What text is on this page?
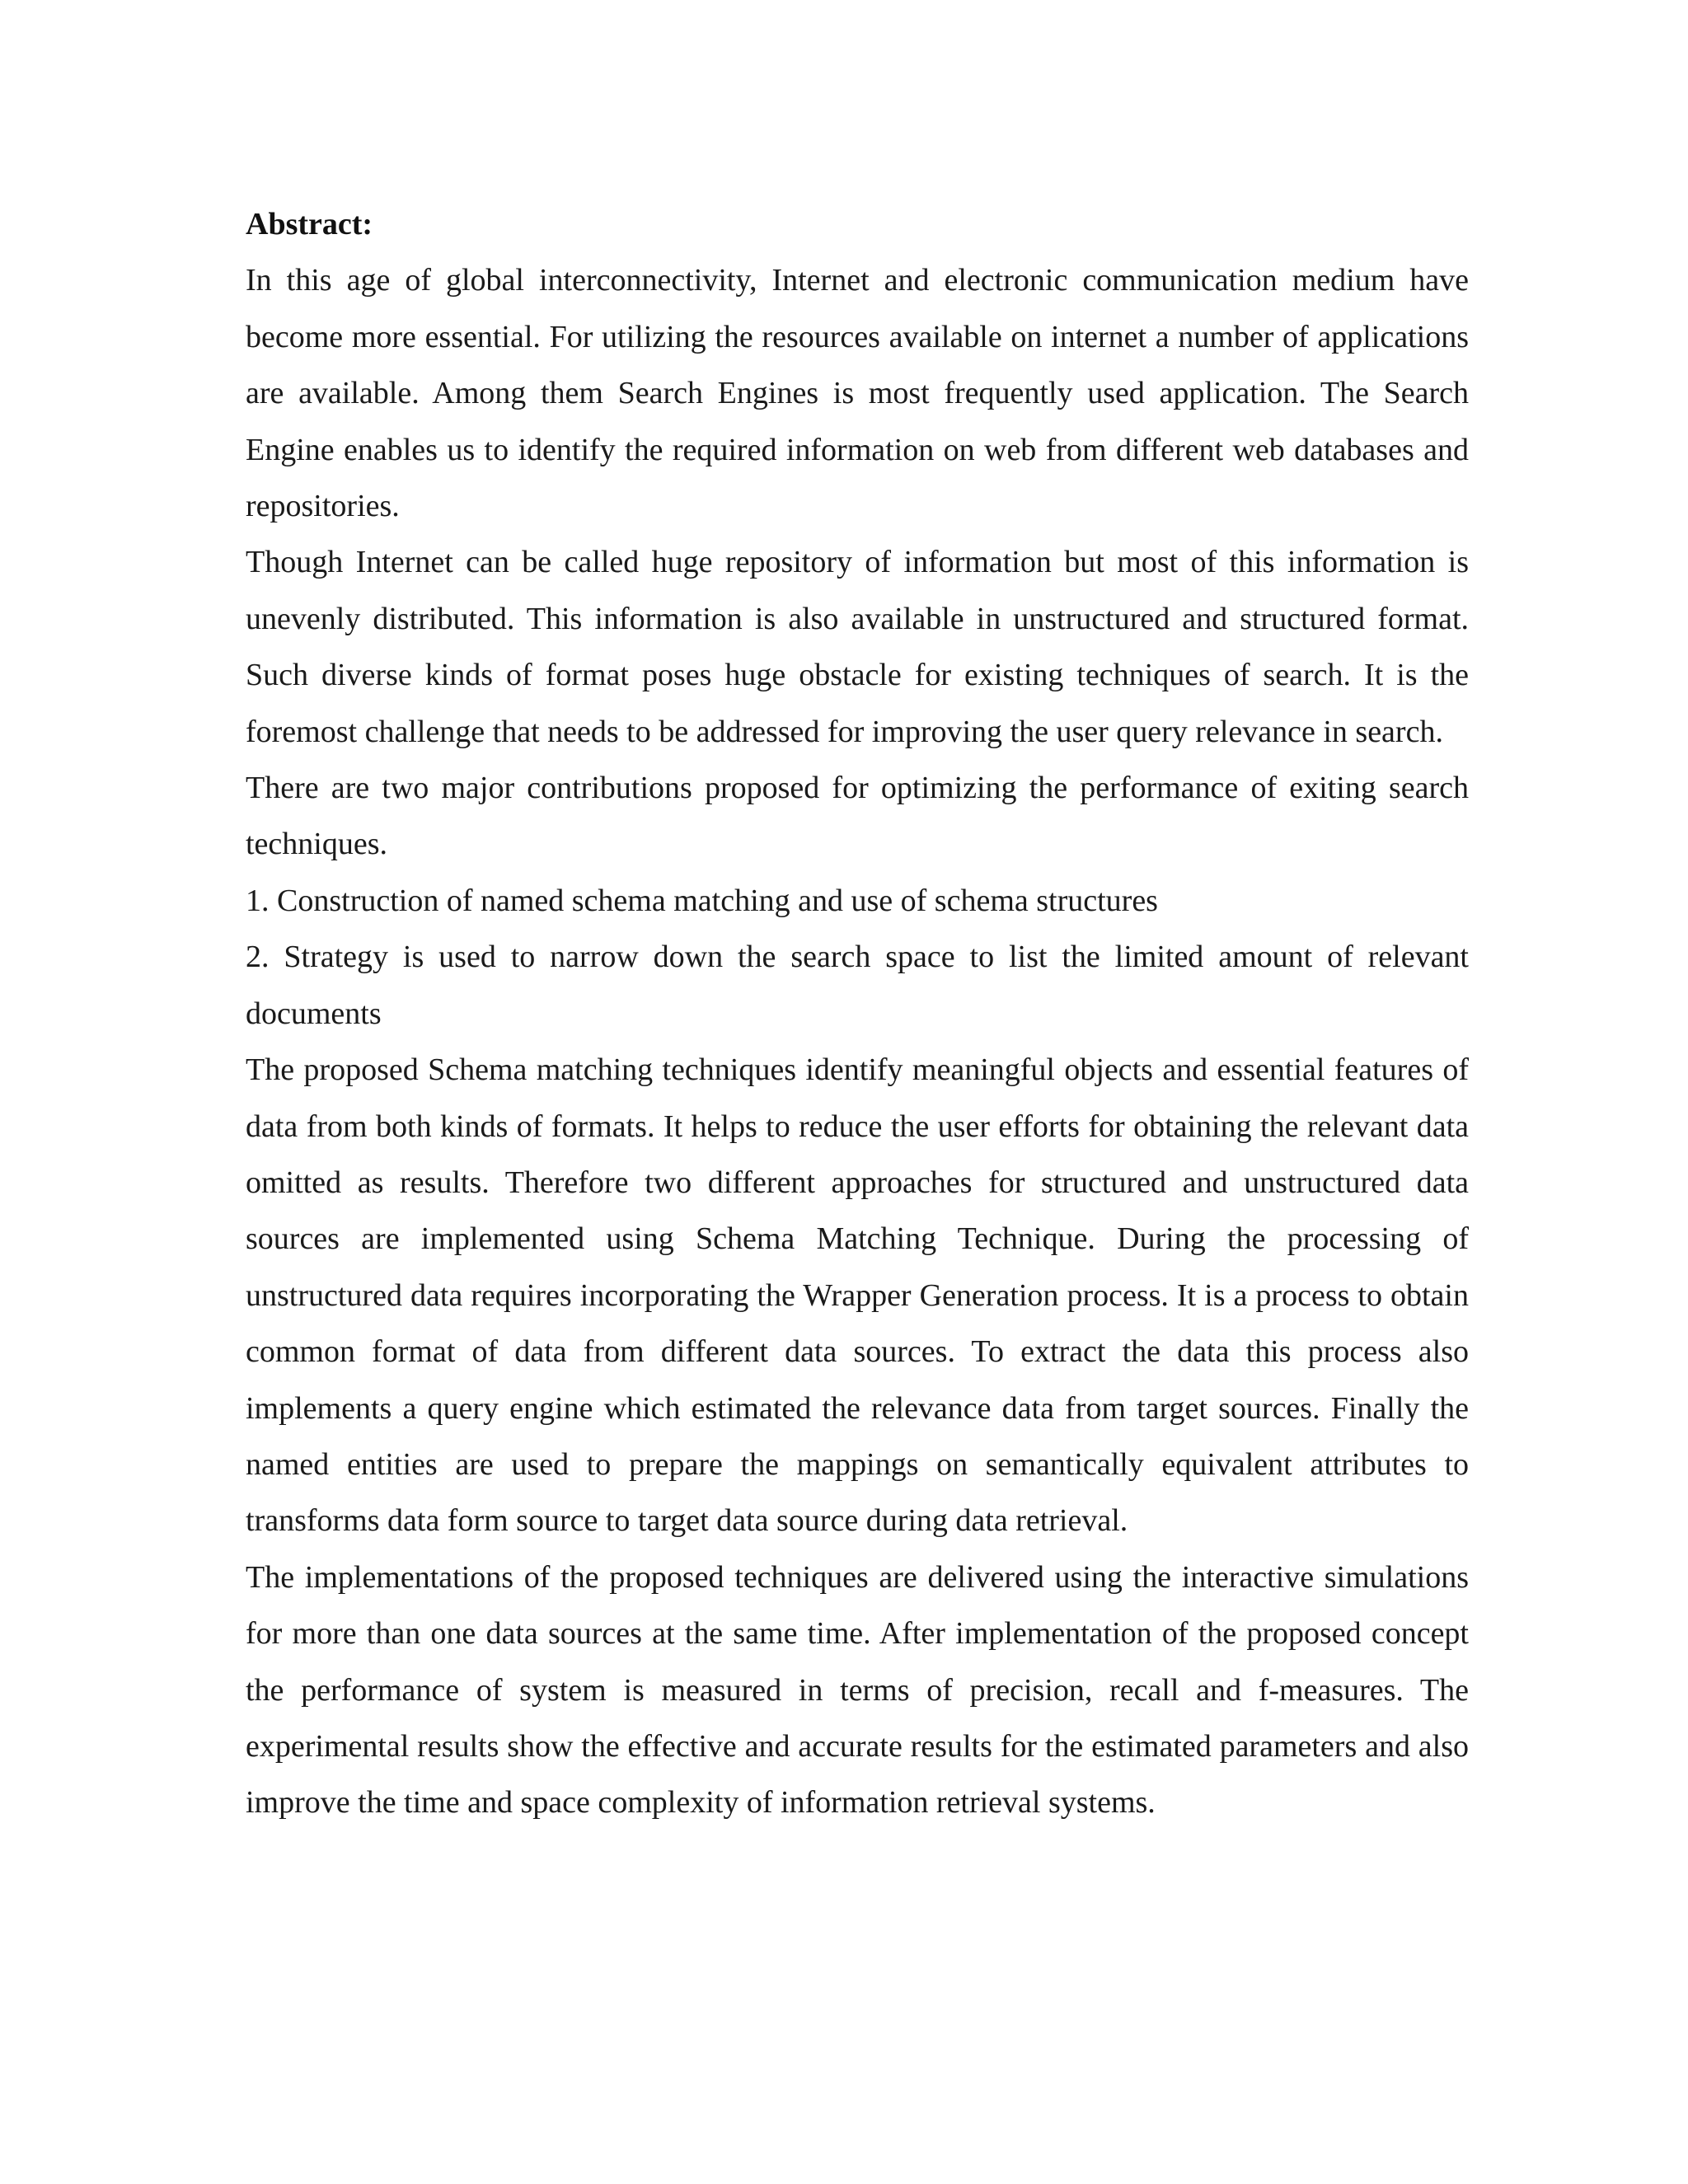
Abstract:

In this age of global interconnectivity, Internet and electronic communication medium have become more essential. For utilizing the resources available on internet a number of applications are available. Among them Search Engines is most frequently used application. The Search Engine enables us to identify the required information on web from different web databases and repositories.

Though Internet can be called huge repository of information but most of this information is unevenly distributed. This information is also available in unstructured and structured format. Such diverse kinds of format poses huge obstacle for existing techniques of search. It is the foremost challenge that needs to be addressed for improving the user query relevance in search.

There are two major contributions proposed for optimizing the performance of exiting search techniques.

1. Construction of named schema matching and use of schema structures

2. Strategy is used to narrow down the search space to list the limited amount of relevant documents

The proposed Schema matching techniques identify meaningful objects and essential features of data from both kinds of formats. It helps to reduce the user efforts for obtaining the relevant data omitted as results. Therefore two different approaches for structured and unstructured data sources are implemented using Schema Matching Technique. During the processing of unstructured data requires incorporating the Wrapper Generation process. It is a process to obtain common format of data from different data sources. To extract the data this process also implements a query engine which estimated the relevance data from target sources. Finally the named entities are used to prepare the mappings on semantically equivalent attributes to transforms data form source to target data source during data retrieval.

The implementations of the proposed techniques are delivered using the interactive simulations for more than one data sources at the same time. After implementation of the proposed concept the performance of system is measured in terms of precision, recall and f-measures. The experimental results show the effective and accurate results for the estimated parameters and also improve the time and space complexity of information retrieval systems.
